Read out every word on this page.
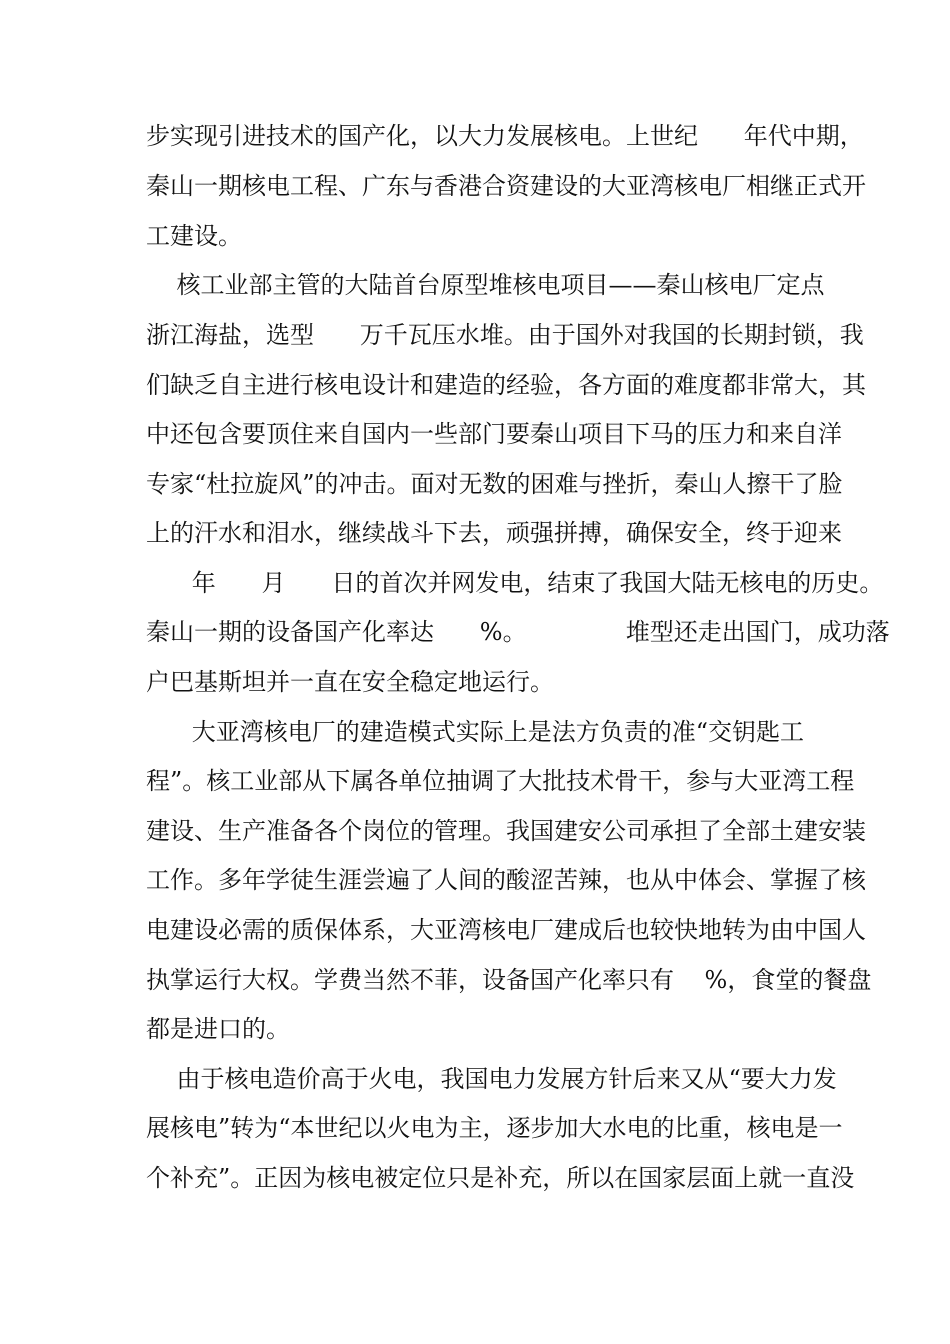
步实现引进技术的国产化，以大力发展核电。上世纪      年代中期，
秦山一期核电工程、广东与香港合资建设的大亚湾核电厂相继正式开
工建设。
核工业部主管的大陆首台原型堆核电项目——秦山核电厂定点
浙江海盐，选型      万千瓦压水堆。由于国外对我国的长期封锁，我
们缺乏自主进行核电设计和建造的经验，各方面的难度都非常大，其
中还包含要顶住来自国内一些部门要秦山项目下马的压力和来自洋
专家“杜拉旋风”的冲击。面对无数的困难与挫折，秦山人擦干了脸
上的汗水和泪水，继续战斗下去，顽强拼搏，确保安全，终于迎来
年      月      日的首次并网发电，结束了我国大陆无核电的历史。
秦山一期的设备国产化率达      %。             堆型还走出国门，成功落
户巴基斯坦并一直在安全稳定地运行。
大亚湾核电厂的建造模式实际上是法方负责的准“交钥匙工
程”。核工业部从下属各单位抽调了大批技术骨干，参与大亚湾工程
建设、生产准备各个岗位的管理。我国建安公司承担了全部土建安装
工作。多年学徒生涯尝遍了人间的酸涩苦辣，也从中体会、掌握了核
电建设必需的质保体系，大亚湾核电厂建成后也较快地转为由中国人
执掌运行大权。学费当然不菲，设备国产化率只有    %，食堂的餐盘
都是进口的。
由于核电造价高于火电，我国电力发展方针后来又从“要大力发
展核电”转为“本世纪以火电为主，逐步加大水电的比重，核电是一
个补充”。正因为核电被定位只是补充，所以在国家层面上就一直没
